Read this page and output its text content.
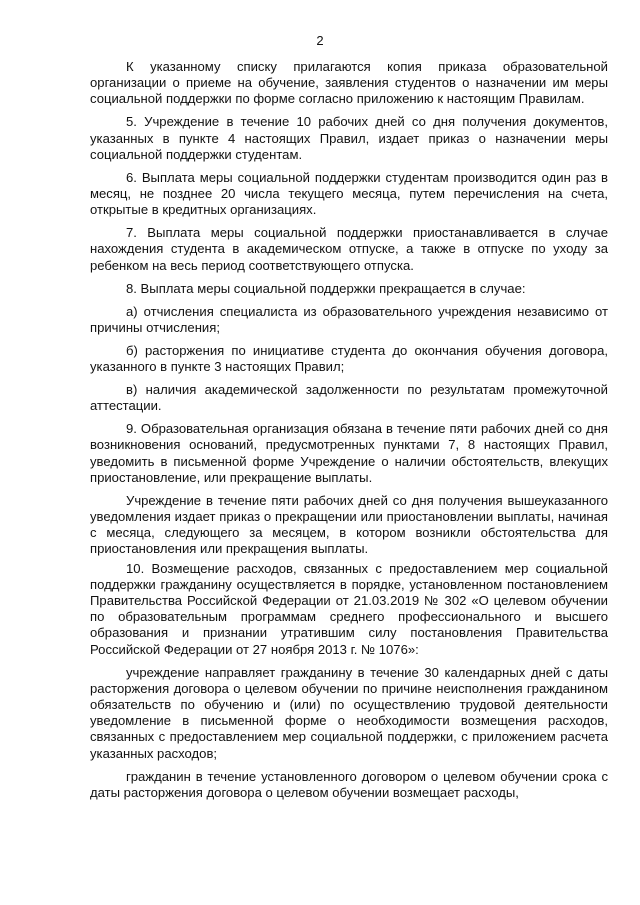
2

К указанному списку прилагаются копия приказа образовательной организации о приеме на обучение, заявления студентов о назначении им меры социальной поддержки по форме согласно приложению к настоящим Правилам.

5. Учреждение в течение 10 рабочих дней со дня получения документов, указанных в пункте 4 настоящих Правил, издает приказ о назначении меры социальной поддержки студентам.

6. Выплата меры социальной поддержки студентам производится один раз в месяц, не позднее 20 числа текущего месяца, путем перечисления на счета, открытые в кредитных организациях.

7. Выплата меры социальной поддержки приостанавливается в случае нахождения студента в академическом отпуске, а также в отпуске по уходу за ребенком на весь период соответствующего отпуска.

8. Выплата меры социальной поддержки прекращается в случае:

а) отчисления специалиста из образовательного учреждения независимо от причины отчисления;

б) расторжения по инициативе студента до окончания обучения договора, указанного в пункте 3 настоящих Правил;

в) наличия академической задолженности по результатам промежуточной аттестации.

9. Образовательная организация обязана в течение пяти рабочих дней со дня возникновения оснований, предусмотренных пунктами 7, 8 настоящих Правил, уведомить в письменной форме Учреждение о наличии обстоятельств, влекущих приостановление, или прекращение выплаты.

Учреждение в течение пяти рабочих дней со дня получения вышеуказанного уведомления издает приказ о прекращении или приостановлении выплаты, начиная с месяца, следующего за месяцем, в котором возникли обстоятельства для приостановления или прекращения выплаты.

10. Возмещение расходов, связанных с предоставлением мер социальной поддержки гражданину осуществляется в порядке, установленном постановлением Правительства Российской Федерации от 21.03.2019 № 302 «О целевом обучении по образовательным программам среднего профессионального и высшего образования и признании утратившим силу постановления Правительства Российской Федерации от 27 ноября 2013 г. № 1076»:

учреждение направляет гражданину в течение 30 календарных дней с даты расторжения договора о целевом обучении по причине неисполнения гражданином обязательств по обучению и (или) по осуществлению трудовой деятельности уведомление в письменной форме о необходимости возмещения расходов, связанных с предоставлением мер социальной поддержки, с приложением расчета указанных расходов;

гражданин в течение установленного договором о целевом обучении срока с даты расторжения договора о целевом обучении возмещает расходы,
